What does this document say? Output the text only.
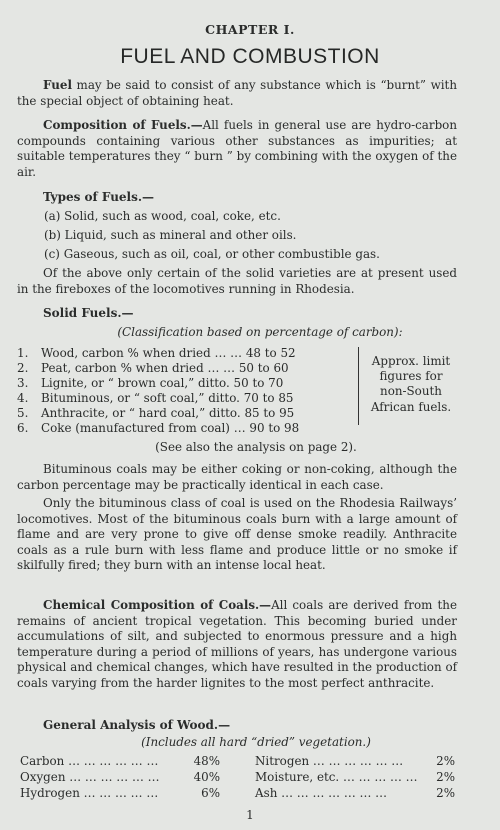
CHAPTER I.
FUEL AND COMBUSTION
Fuel may be said to consist of any substance which is “burnt” with the special object of obtaining heat.
Composition of Fuels.—All fuels in general use are hydro-carbon compounds containing various other substances as impurities; at suitable temperatures they “ burn ” by combining with the oxygen of the air.
Types of Fuels.—
(a) Solid, such as wood, coal, coke, etc.
(b) Liquid, such as mineral and other oils.
(c) Gaseous, such as oil, coal, or other combustible gas.
Of the above only certain of the solid varieties are at present used in the fireboxes of the locomotives running in Rhodesia.
Solid Fuels.—
(Classification based on percentage of carbon):
1. Wood, carbon % when dried … … 48 to 52
2. Peat, carbon % when dried … … 50 to 60
3. Lignite, or “ brown coal,” ditto. 50 to 70
4. Bituminous, or “ soft coal,” ditto. 70 to 85
5. Anthracite, or “ hard coal,” ditto. 85 to 95
6. Coke (manufactured from coal) … 90 to 98
Approx. limit
figures for
non-South
African fuels.
(See also the analysis on page 2).
Bituminous coals may be either coking or non-coking, although the carbon percentage may be practically identical in each case.
Only the bituminous class of coal is used on the Rhodesia Railways’ locomotives. Most of the bituminous coals burn with a large amount of flame and are very prone to give off dense smoke readily. Anthracite coals as a rule burn with less flame and produce little or no smoke if skilfully fired; they burn with an intense local heat.
Chemical Composition of Coals.—All coals are derived from the remains of ancient tropical vegetation. This becoming buried under accumulations of silt, and subjected to enormous pressure and a high temperature during a period of millions of years, has undergone various physical and chemical changes, which have resulted in the production of coals varying from the harder lignites to the most perfect anthracite.
General Analysis of Wood.—
(Includes all hard “dried” vegetation.)
Carbon … … … … … …	48%
Oxygen … … … … … …	40%
Hydrogen … … … … …	6%
Nitrogen … … … … … …	2%
Moisture, etc. … … … … … 2%
Ash … … … … … … …	2%
1
